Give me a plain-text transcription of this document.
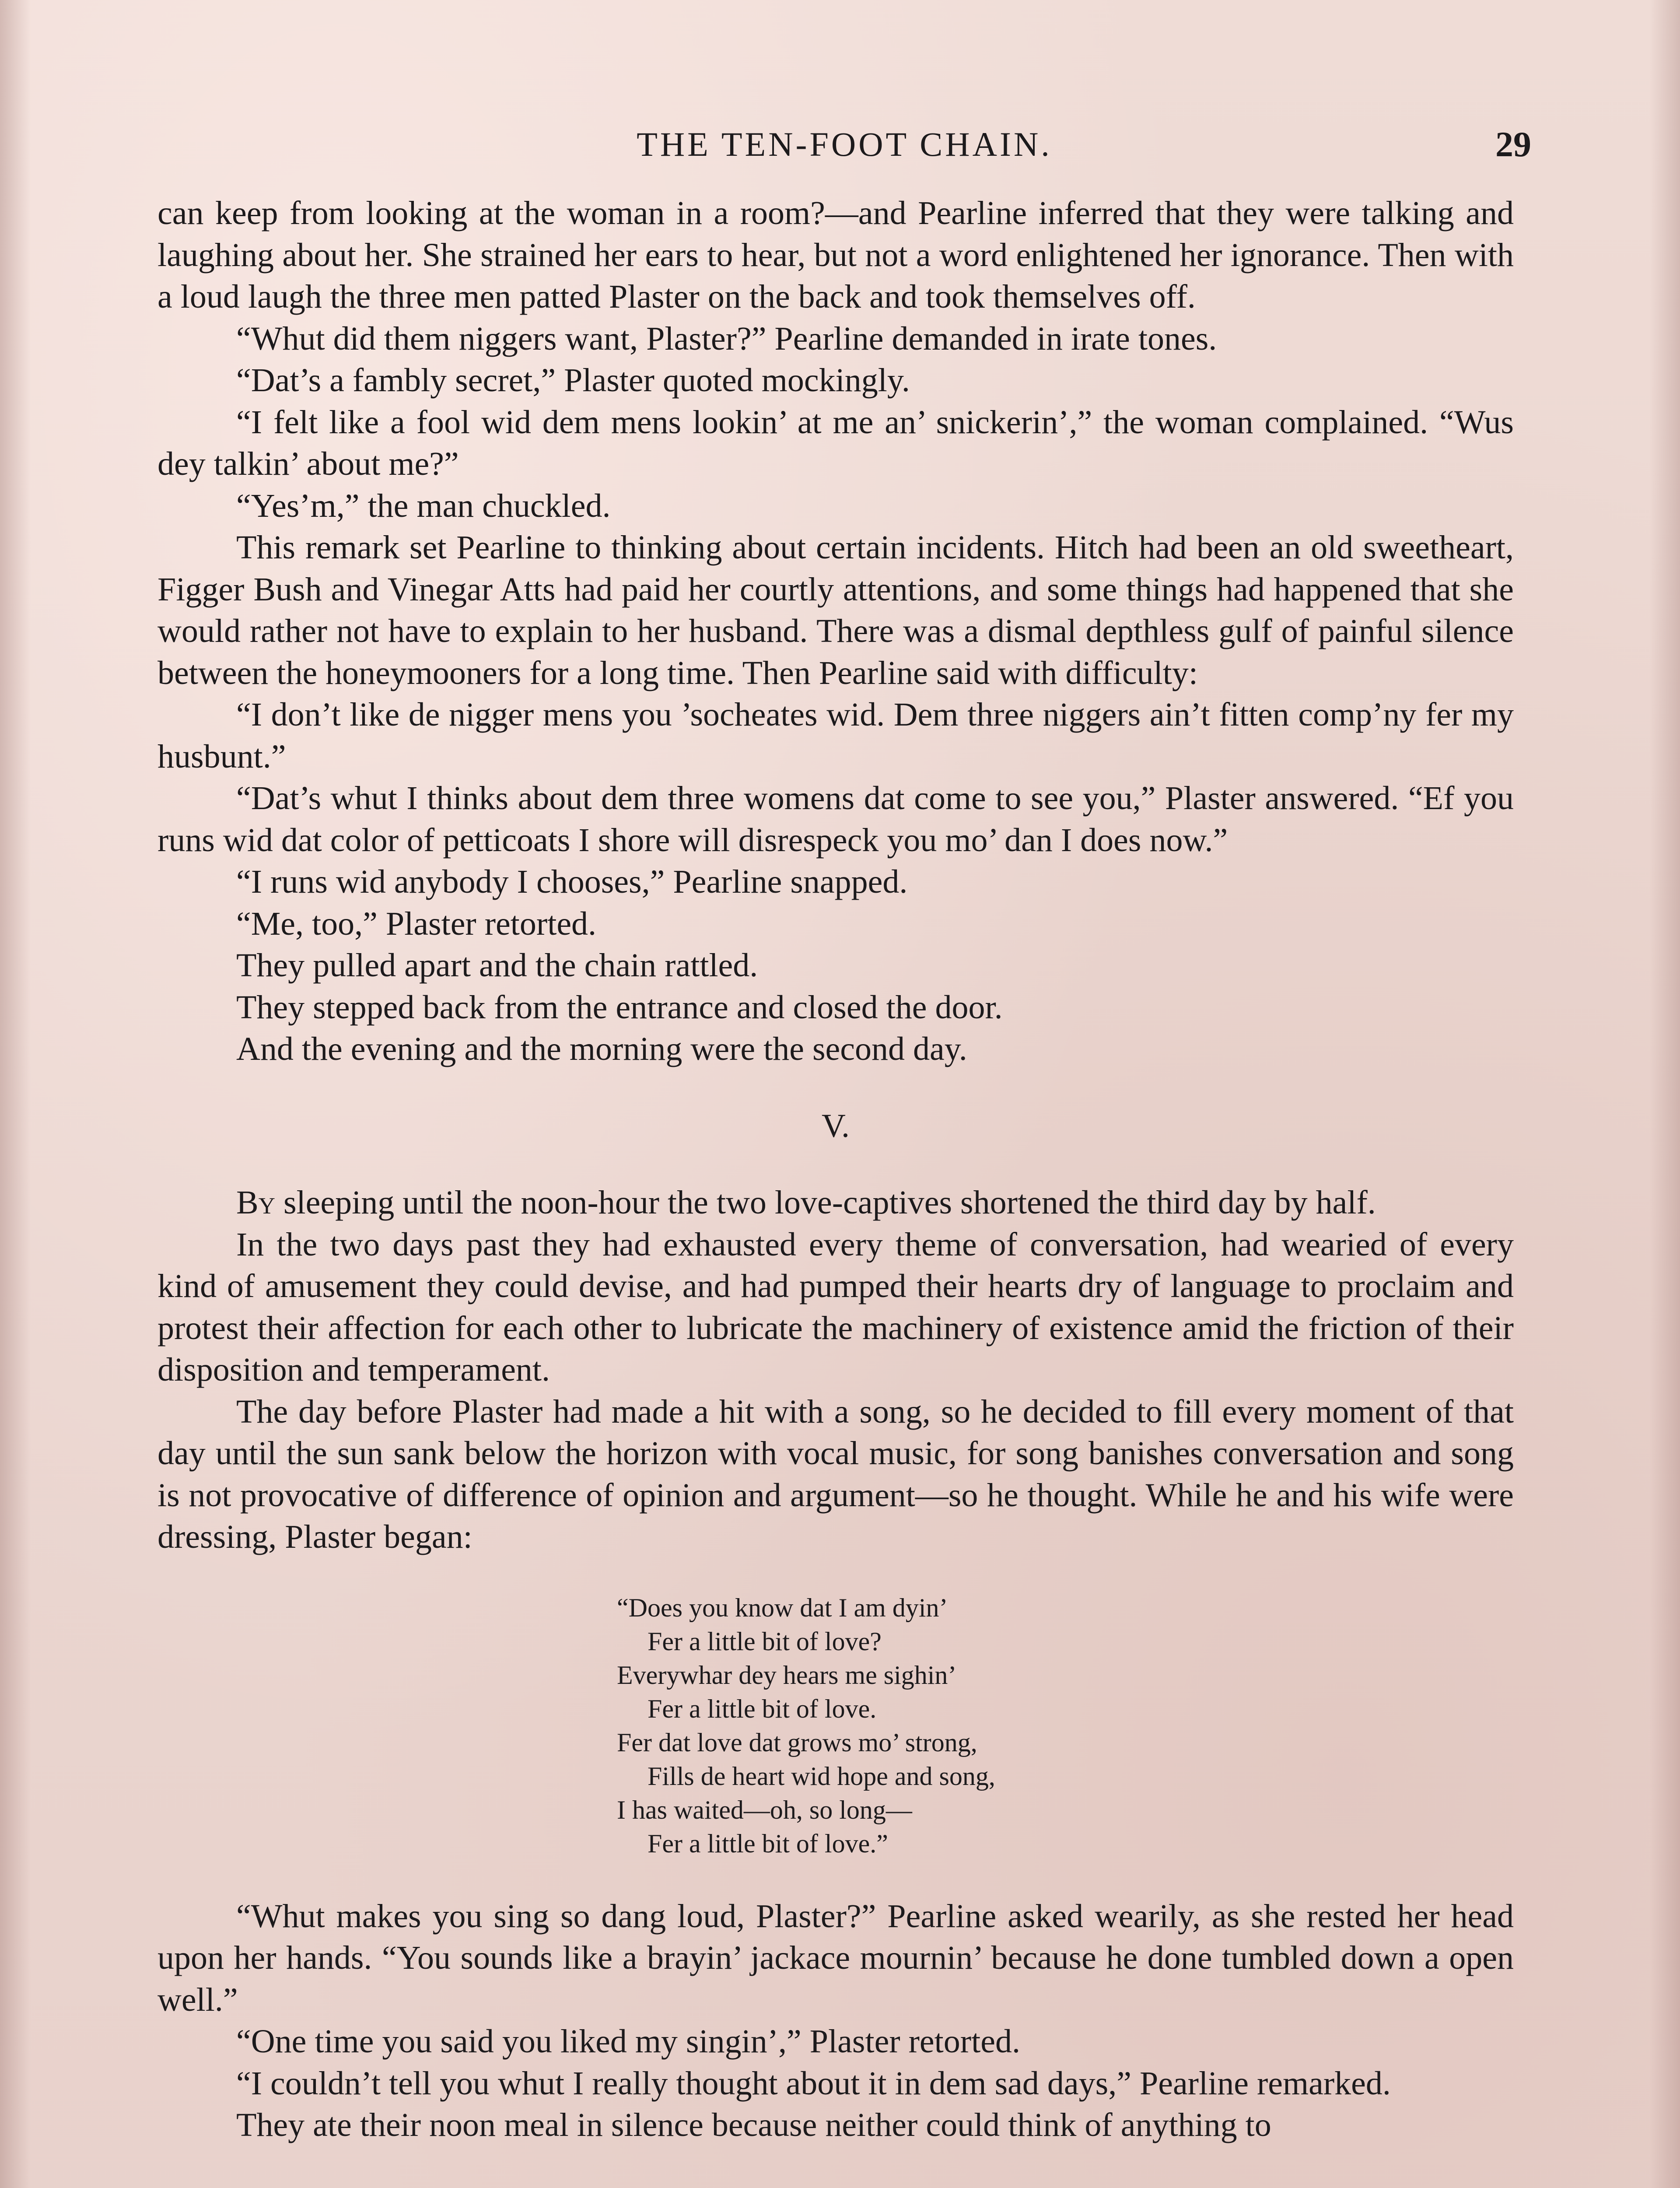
THE TEN-FOOT CHAIN.	29

can keep from looking at the woman in a room?—and Pearline inferred that they were talking and laughing about her. She strained her ears to hear, but not a word enlightened her ignorance. Then with a loud laugh the three men patted Plaster on the back and took themselves off.

“Whut did them niggers want, Plaster?” Pearline demanded in irate tones.

“Dat’s a fambly secret,” Plaster quoted mockingly.

“I felt like a fool wid dem mens lookin’ at me an’ snickerin’,” the woman complained. “Wus dey talkin’ about me?”

“Yes’m,” the man chuckled.

This remark set Pearline to thinking about certain incidents. Hitch had been an old sweetheart, Figger Bush and Vinegar Atts had paid her courtly attentions, and some things had happened that she would rather not have to explain to her husband. There was a dismal depthless gulf of painful silence between the honeymooners for a long time. Then Pearline said with difficulty:

“I don’t like de nigger mens you ’socheates wid. Dem three niggers ain’t fitten comp’ny fer my husbunt.”

“Dat’s whut I thinks about dem three womens dat come to see you,” Plaster answered. “Ef you runs wid dat color of petticoats I shore will disrespeck you mo’ dan I does now.”

“I runs wid anybody I chooses,” Pearline snapped.

“Me, too,” Plaster retorted.

They pulled apart and the chain rattled.

They stepped back from the entrance and closed the door.

And the evening and the morning were the second day.

V.

By sleeping until the noon-hour the two love-captives shortened the third day by half.

In the two days past they had exhausted every theme of conversation, had wearied of every kind of amusement they could devise, and had pumped their hearts dry of language to proclaim and protest their affection for each other to lubricate the machinery of existence amid the friction of their disposition and temperament.

The day before Plaster had made a hit with a song, so he decided to fill every moment of that day until the sun sank below the horizon with vocal music, for song banishes conversation and song is not provocative of difference of opinion and argument—so he thought. While he and his wife were dressing, Plaster began:

“Does you know dat I am dyin’
Fer a little bit of love?
Everywhar dey hears me sighin’
Fer a little bit of love.
Fer dat love dat grows mo’ strong,
Fills de heart wid hope and song,
I has waited—oh, so long—
Fer a little bit of love.”

“Whut makes you sing so dang loud, Plaster?” Pearline asked wearily, as she rested her head upon her hands. “You sounds like a brayin’ jackace mournin’ because he done tumbled down a open well.”

“One time you said you liked my singin’,” Plaster retorted.

“I couldn’t tell you whut I really thought about it in dem sad days,” Pearline remarked.

They ate their noon meal in silence because neither could think of anything to
